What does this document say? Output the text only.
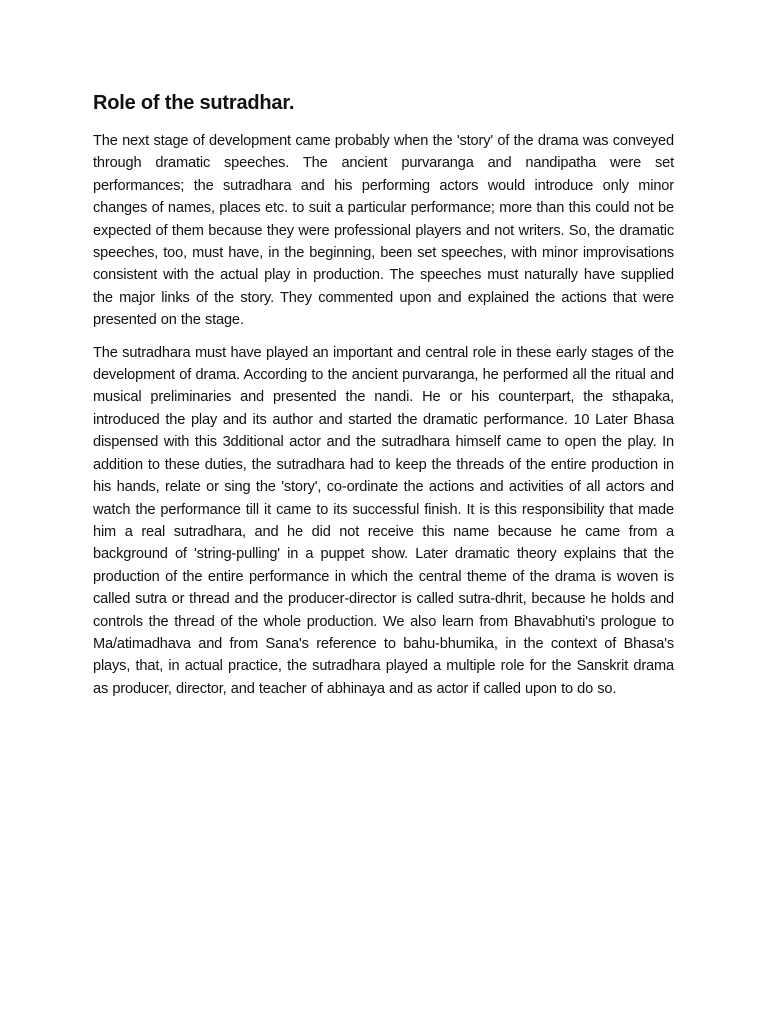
Role of the sutradhar.

The next stage of development came probably when the 'story' of the drama was conveyed through dramatic speeches. The ancient purvaranga and nandipatha were set performances; the sutradhara and his performing actors would introduce only minor changes of names, places etc. to suit a particular performance; more than this could not be expected of them because they were professional players and not writers. So, the dramatic speeches, too, must have, in the beginning, been set speeches, with minor improvisations consistent with the actual play in production. The speeches must naturally have supplied the major links of the story. They commented upon and explained the actions that were presented on the stage.

The sutradhara must have played an important and central role in these early stages of the development of drama. According to the ancient purvaranga, he performed all the ritual and musical preliminaries and presented the nandi. He or his counterpart, the sthapaka, introduced the play and its author and started the dramatic performance. 10 Later Bhasa dispensed with this 3dditional actor and the sutradhara himself came to open the play. In addition to these duties, the sutradhara had to keep the threads of the entire production in his hands, relate or sing the 'story', co-ordinate the actions and activities of all actors and watch the performance till it came to its successful finish. It is this responsibility that made him a real sutradhara, and he did not receive this name because he came from a background of 'string-pulling' in a puppet show. Later dramatic theory explains that the production of the entire performance in which the central theme of the drama is woven is called sutra or thread and the producer-director is called sutra-dhrit, because he holds and controls the thread of the whole production. We also learn from Bhavabhuti's prologue to Ma/atimadhava and from Sana's reference to bahu-bhumika, in the context of Bhasa's plays, that, in actual practice, the sutradhara played a multiple role for the Sanskrit drama as producer, director, and teacher of abhinaya and as actor if called upon to do so.
